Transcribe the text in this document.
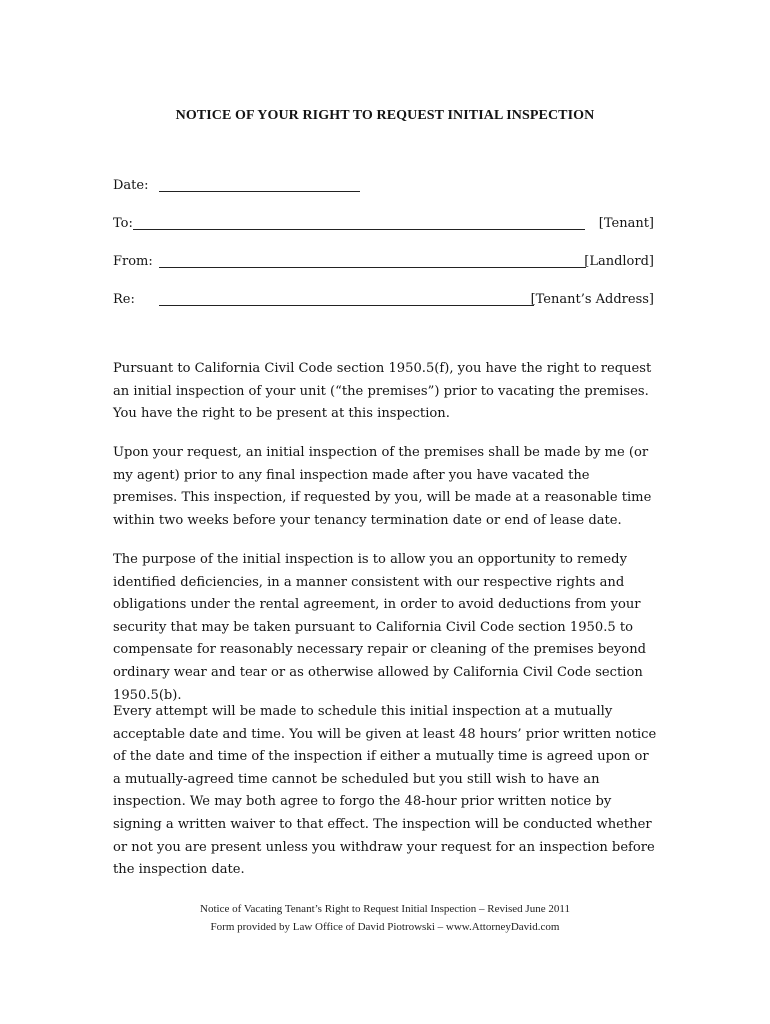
NOTICE OF YOUR RIGHT TO REQUEST INITIAL INSPECTION
Date:
To:	[Tenant]
From:	[Landlord]
Re:	[Tenant’s Address]

Pursuant to California Civil Code section 1950.5(f), you have the right to request an initial inspection of your unit (“the premises”) prior to vacating the premises. You have the right to be present at this inspection.

Upon your request, an initial inspection of the premises shall be made by me (or my agent) prior to any final inspection made after you have vacated the premises. This inspection, if requested by you, will be made at a reasonable time within two weeks before your tenancy termination date or end of lease date.

The purpose of the initial inspection is to allow you an opportunity to remedy identified deficiencies, in a manner consistent with our respective rights and obligations under the rental agreement, in order to avoid deductions from your security that may be taken pursuant to California Civil Code section 1950.5 to compensate for reasonably necessary repair or cleaning of the premises beyond ordinary wear and tear or as otherwise allowed by California Civil Code section 1950.5(b).

Every attempt will be made to schedule this initial inspection at a mutually acceptable date and time. You will be given at least 48 hours’ prior written notice of the date and time of the inspection if either a mutually time is agreed upon or a mutually-agreed time cannot be scheduled but you still wish to have an inspection. We may both agree to forgo the 48-hour prior written notice by signing a written waiver to that effect. The inspection will be conducted whether or not you are present unless you withdraw your request for an inspection before the inspection date.

Notice of Vacating Tenant’s Right to Request Initial Inspection – Revised June 2011
Form provided by Law Office of David Piotrowski – www.AttorneyDavid.com
